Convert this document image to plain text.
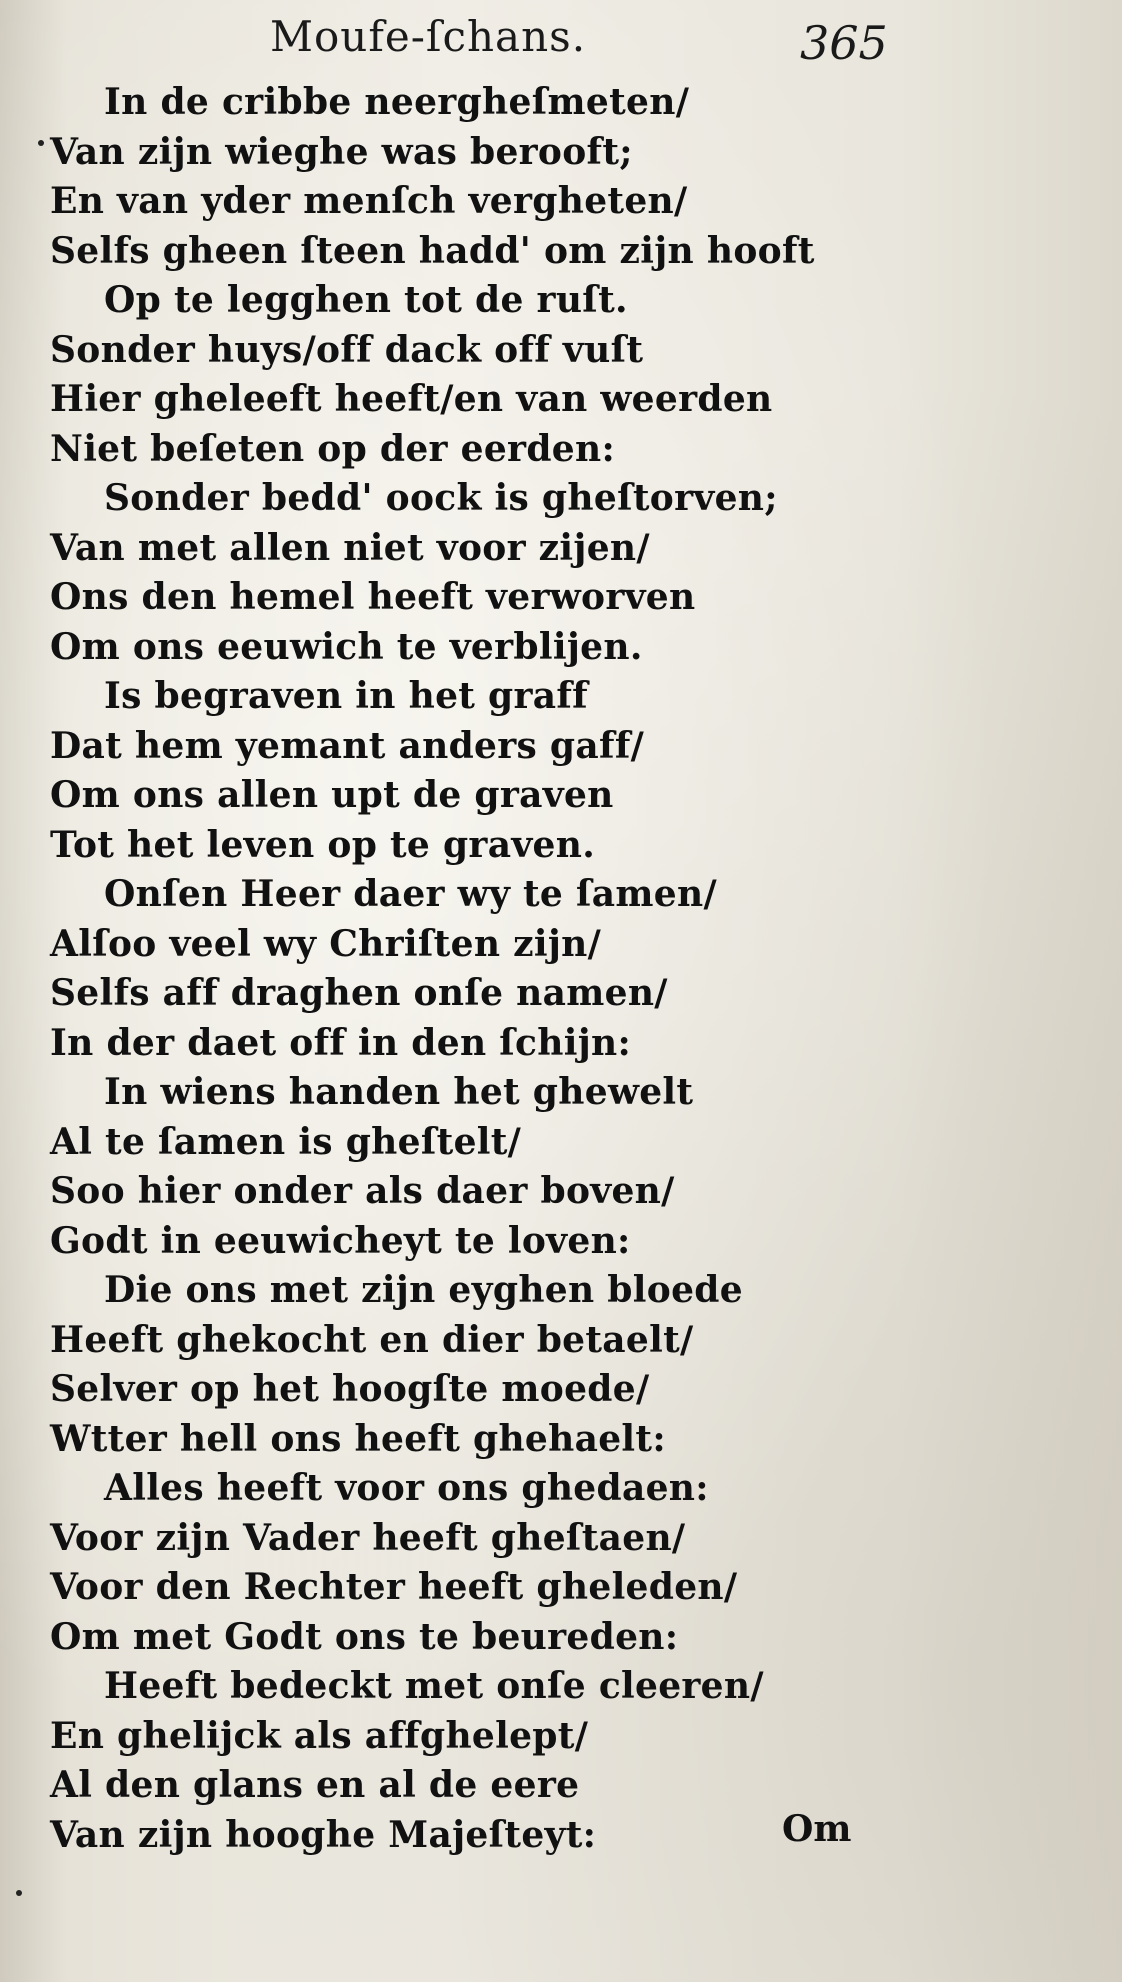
Moufe-ſchans.	365
In de cribbe neergheſmeten/
Van zijn wieghe was berooft;
En van yder menſch vergheten/
Selfs gheen ſteen hadd' om zijn hooft
Op te legghen tot de ruſt.
Sonder huys/off dack off vuſt
Hier gheleeft heeft/en van weerden
Niet beſeten op der eerden:
Sonder bedd' oock is gheſtorven;
Van met allen niet voor zijen/
Ons den hemel heeft verworven
Om ons eeuwich te verblijen.
Is begraven in het graff
Dat hem yemant anders gaff/
Om ons allen upt de graven
Tot het leven op te graven.
Onſen Heer daer wy te ſamen/
Alſoo veel wy Chriſten zijn/
Selfs aff draghen onſe namen/
In der daet off in den ſchijn:
In wiens handen het ghewelt
Al te ſamen is gheſtelt/
Soo hier onder als daer boven/
Godt in eeuwicheyt te loven:
Die ons met zijn eyghen bloede
Heeft ghekocht en dier betaelt/
Selver op het hoogſte moede/
Wtter hell ons heeft ghehaelt:
Alles heeft voor ons ghedaen:
Voor zijn Vader heeft gheſtaen/
Voor den Rechter heeft gheleden/
Om met Godt ons te beureden:
Heeft bedeckt met onſe cleeren/
En ghelijck als affghelept/
Al den glans en al de eere
Van zijn hooghe Majeſteyt:	Om
